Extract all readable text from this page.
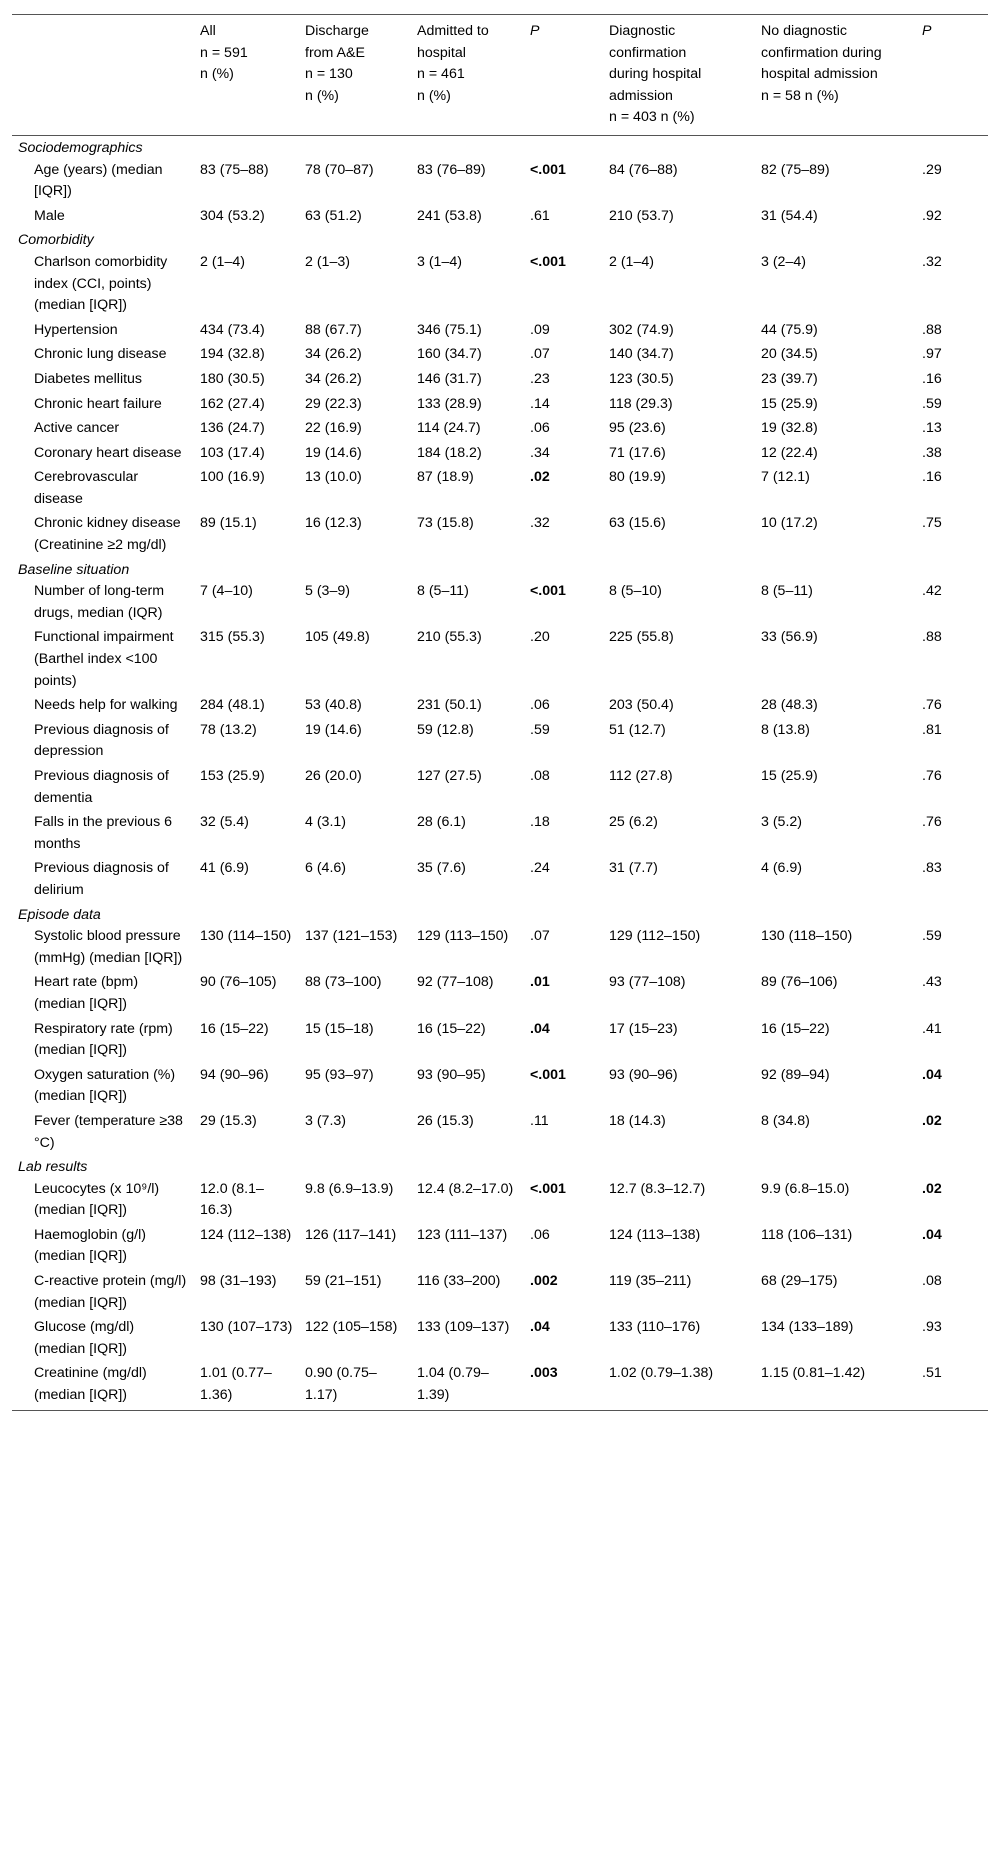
	All
n = 591
n (%)	Discharge
from A&E
n = 130
n (%)	Admitted to
hospital
n = 461
n (%)	P	Diagnostic
confirmation
during hospital
admission
n = 403 n (%)	No diagnostic
confirmation during
hospital admission
n = 58 n (%)	P
Sociodemographics							
Age (years) (median [IQR])	83 (75–88)	78 (70–87)	83 (76–89)	<.001	84 (76–88)	82 (75–89)	.29
Male	304 (53.2)	63 (51.2)	241 (53.8)	.61	210 (53.7)	31 (54.4)	.92
Comorbidity							
Charlson comorbidity index (CCI, points) (median [IQR])	2 (1–4)	2 (1–3)	3 (1–4)	<.001	2 (1–4)	3 (2–4)	.32
Hypertension	434 (73.4)	88 (67.7)	346 (75.1)	.09	302 (74.9)	44 (75.9)	.88
Chronic lung disease	194 (32.8)	34 (26.2)	160 (34.7)	.07	140 (34.7)	20 (34.5)	.97
Diabetes mellitus	180 (30.5)	34 (26.2)	146 (31.7)	.23	123 (30.5)	23 (39.7)	.16
Chronic heart failure	162 (27.4)	29 (22.3)	133 (28.9)	.14	118 (29.3)	15 (25.9)	.59
Active cancer	136 (24.7)	22 (16.9)	114 (24.7)	.06	95 (23.6)	19 (32.8)	.13
Coronary heart disease	103 (17.4)	19 (14.6)	184 (18.2)	.34	71 (17.6)	12 (22.4)	.38
Cerebrovascular disease	100 (16.9)	13 (10.0)	87 (18.9)	.02	80 (19.9)	7 (12.1)	.16
Chronic kidney disease (Creatinine ≥2 mg/dl)	89 (15.1)	16 (12.3)	73 (15.8)	.32	63 (15.6)	10 (17.2)	.75
Baseline situation							
Number of long-term drugs, median (IQR)	7 (4–10)	5 (3–9)	8 (5–11)	<.001	8 (5–10)	8 (5–11)	.42
Functional impairment (Barthel index <100 points)	315 (55.3)	105 (49.8)	210 (55.3)	.20	225 (55.8)	33 (56.9)	.88
Needs help for walking	284 (48.1)	53 (40.8)	231 (50.1)	.06	203 (50.4)	28 (48.3)	.76
Previous diagnosis of depression	78 (13.2)	19 (14.6)	59 (12.8)	.59	51 (12.7)	8 (13.8)	.81
Previous diagnosis of dementia	153 (25.9)	26 (20.0)	127 (27.5)	.08	112 (27.8)	15 (25.9)	.76
Falls in the previous 6 months	32 (5.4)	4 (3.1)	28 (6.1)	.18	25 (6.2)	3 (5.2)	.76
Previous diagnosis of delirium	41 (6.9)	6 (4.6)	35 (7.6)	.24	31 (7.7)	4 (6.9)	.83
Episode data							
Systolic blood pressure (mmHg) (median [IQR])	130 (114–150)	137 (121–153)	129 (113–150)	.07	129 (112–150)	130 (118–150)	.59
Heart rate (bpm) (median [IQR])	90 (76–105)	88 (73–100)	92 (77–108)	.01	93 (77–108)	89 (76–106)	.43
Respiratory rate (rpm) (median [IQR])	16 (15–22)	15 (15–18)	16 (15–22)	.04	17 (15–23)	16 (15–22)	.41
Oxygen saturation (%) (median [IQR])	94 (90–96)	95 (93–97)	93 (90–95)	<.001	93 (90–96)	92 (89–94)	.04
Fever (temperature ≥38 °C)	29 (15.3)	3 (7.3)	26 (15.3)	.11	18 (14.3)	8 (34.8)	.02
Lab results							
Leucocytes (x 10⁹/l) (median [IQR])	12.0 (8.1–16.3)	9.8 (6.9–13.9)	12.4 (8.2–17.0)	<.001	12.7 (8.3–12.7)	9.9 (6.8–15.0)	.02
Haemoglobin (g/l) (median [IQR])	124 (112–138)	126 (117–141)	123 (111–137)	.06	124 (113–138)	118 (106–131)	.04
C-reactive protein (mg/l) (median [IQR])	98 (31–193)	59 (21–151)	116 (33–200)	.002	119 (35–211)	68 (29–175)	.08
Glucose (mg/dl) (median [IQR])	130 (107–173)	122 (105–158)	133 (109–137)	.04	133 (110–176)	134 (133–189)	.93
Creatinine (mg/dl) (median [IQR])	1.01 (0.77–1.36)	0.90 (0.75–1.17)	1.04 (0.79–1.39)	.003	1.02 (0.79–1.38)	1.15 (0.81–1.42)	.51
